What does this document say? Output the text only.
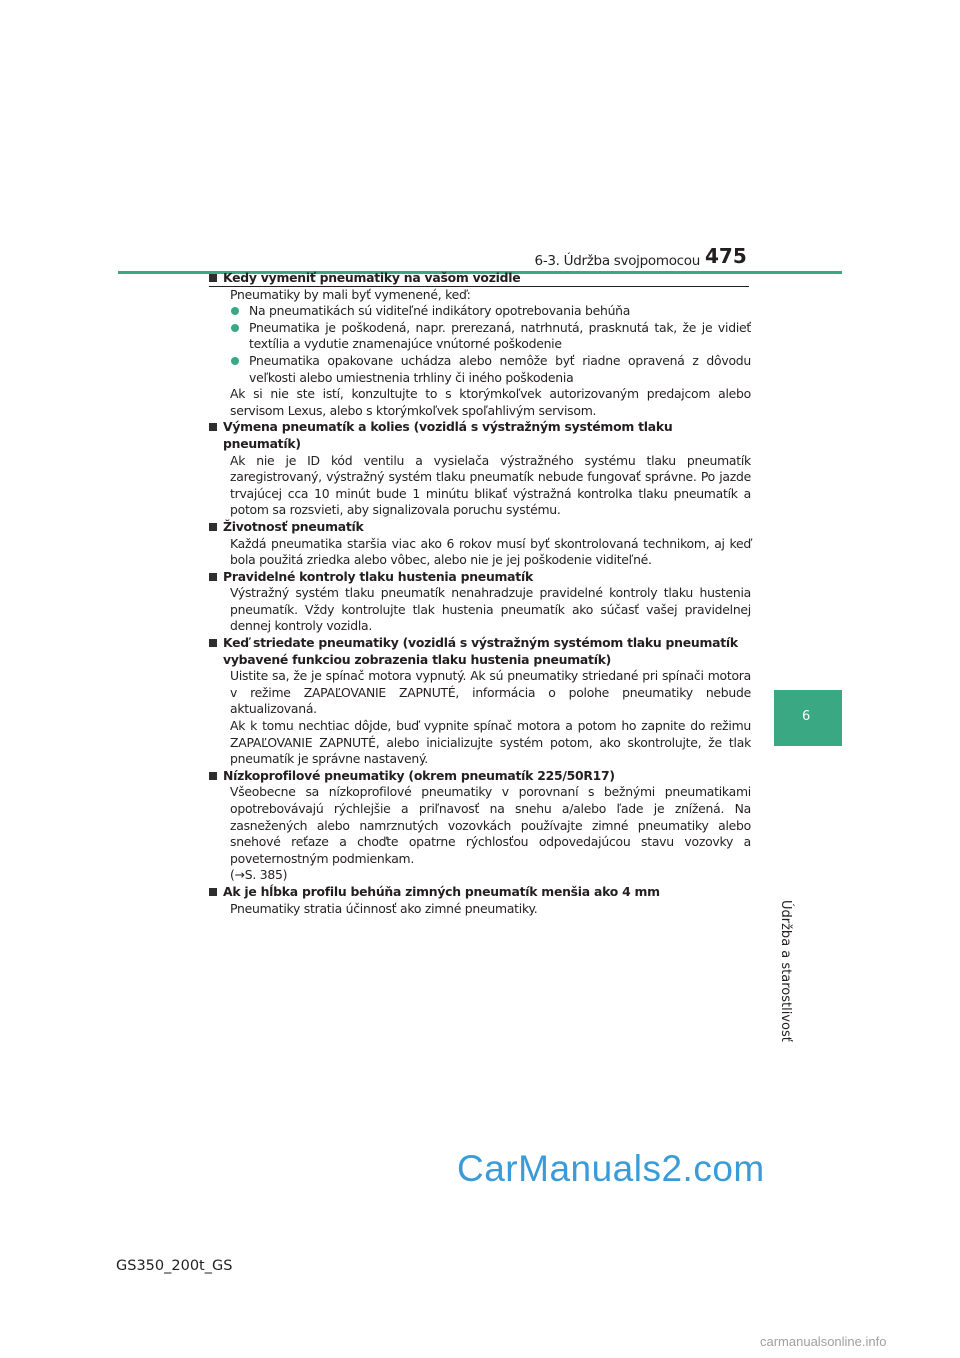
6-3. Údržba svojpomocou 475
6
Údržba a starostlivosť
Kedy vymeniť pneumatiky na vašom vozidle
Pneumatiky by mali byť vymenené, keď:
Na pneumatikách sú viditeľné indikátory opotrebovania behúňa
Pneumatika je poškodená, napr. prerezaná, natrhnutá, prasknutá tak, že je vidieť textília a vydutie znamenajúce vnútorné poškodenie
Pneumatika opakovane uchádza alebo nemôže byť riadne opravená z dôvodu veľkosti alebo umiestnenia trhliny či iného poškodenia
Ak si nie ste istí, konzultujte to s ktorýmkoľvek autorizovaným predajcom alebo servisom Lexus, alebo s ktorýmkoľvek spoľahlivým servisom.
Výmena pneumatík a kolies (vozidlá s výstražným systémom tlaku pneumatík)
Ak nie je ID kód ventilu a vysielača výstražného systému tlaku pneumatík zaregistrovaný, výstražný systém tlaku pneumatík nebude fungovať správne. Po jazde trvajúcej cca 10 minút bude 1 minútu blikať výstražná kontrolka tlaku pneumatík a potom sa rozsvieti, aby signalizovala poruchu systému.
Životnosť pneumatík
Každá pneumatika staršia viac ako 6 rokov musí byť skontrolovaná technikom, aj keď bola použitá zriedka alebo vôbec, alebo nie je jej poškodenie viditeľné.
Pravidelné kontroly tlaku hustenia pneumatík
Výstražný systém tlaku pneumatík nenahradzuje pravidelné kontroly tlaku hustenia pneumatík. Vždy kontrolujte tlak hustenia pneumatík ako súčasť vašej pravidelnej dennej kontroly vozidla.
Keď striedate pneumatiky (vozidlá s výstražným systémom tlaku pneumatík vybavené funkciou zobrazenia tlaku hustenia pneumatík)
Uistite sa, že je spínač motora vypnutý. Ak sú pneumatiky striedané pri spínači motora v režime ZAPAĽOVANIE ZAPNUTÉ, informácia o polohe pneumatiky nebude aktualizovaná.
Ak k tomu nechtiac dôjde, buď vypnite spínač motora a potom ho zapnite do režimu ZAPAĽOVANIE ZAPNUTÉ, alebo inicializujte systém potom, ako skontrolujte, že tlak pneumatík je správne nastavený.
Nízkoprofilové pneumatiky (okrem pneumatík 225/50R17)
Všeobecne sa nízkoprofilové pneumatiky v porovnaní s bežnými pneumatikami opotrebovávajú rýchlejšie a priľnavosť na snehu a/alebo ľade je znížená. Na zasnežených alebo namrznutých vozovkách používajte zimné pneumatiky alebo snehové reťaze a choďte opatrne rýchlosťou odpovedajúcou stavu vozovky a poveternostným podmienkam.
(→S. 385)
Ak je hĺbka profilu behúňa zimných pneumatík menšia ako 4 mm
Pneumatiky stratia účinnosť ako zimné pneumatiky.
CarManuals2.com
GS350_200t_GS
carmanualsonline.info
